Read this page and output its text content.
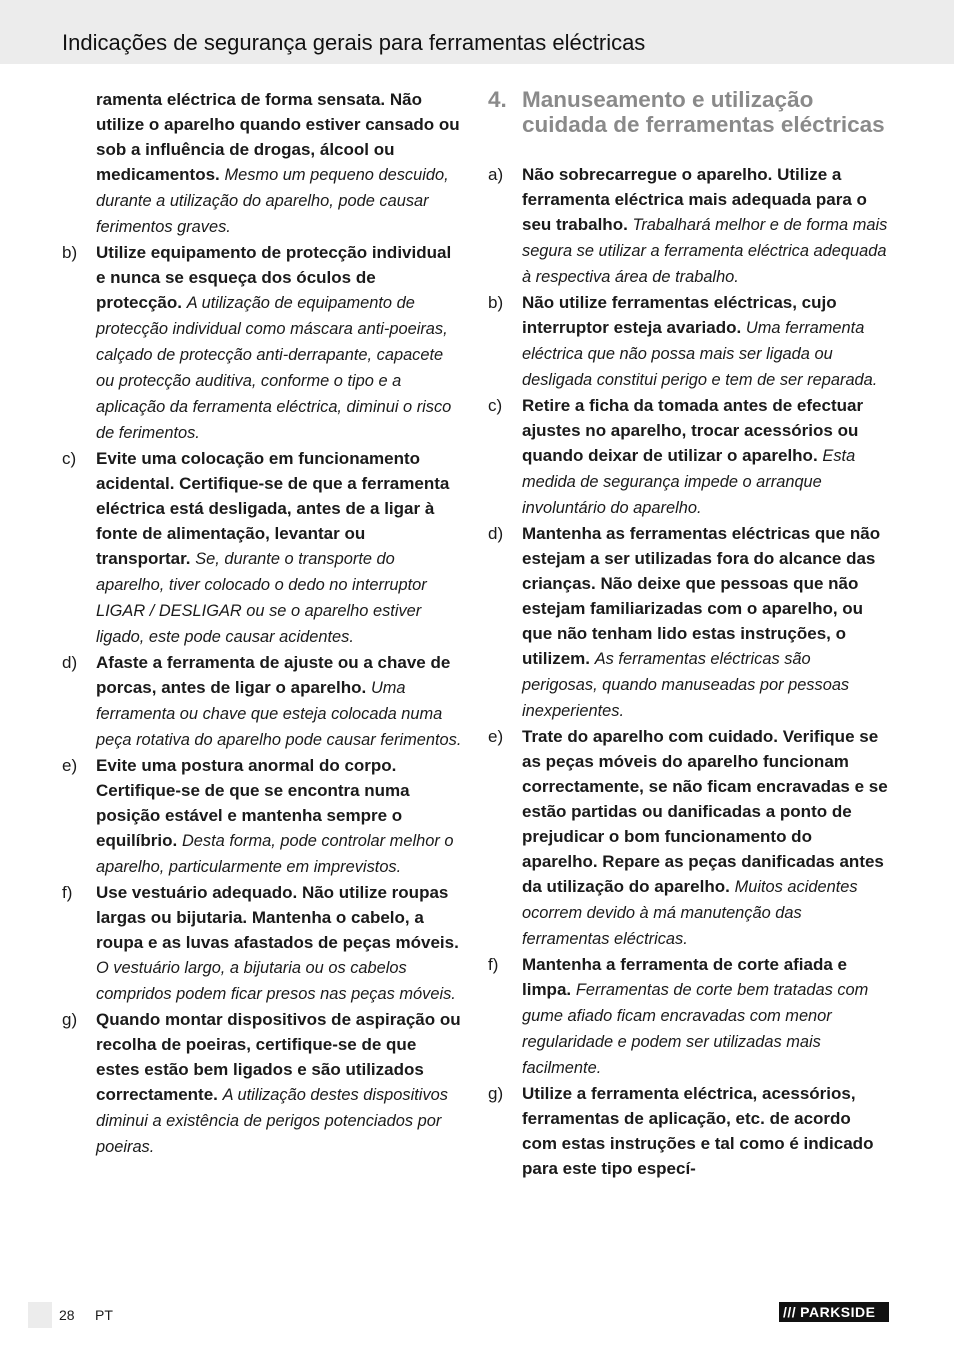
Indicações de segurança gerais para ferramentas eléctricas
ramenta eléctrica de forma sensata. Não utilize o aparelho quando estiver cansado ou sob a influência de drogas, álcool ou medicamentos. Mesmo um pequeno descuido, durante a utilização do aparelho, pode causar ferimentos graves.
b) Utilize equipamento de protecção individual e nunca se esqueça dos óculos de protecção. A utilização de equipamento de protecção individual como máscara anti-poeiras, calçado de protecção anti-derrapante, capacete ou protecção auditiva, conforme o tipo e a aplicação da ferramenta eléctrica, diminui o risco de ferimentos.
c) Evite uma colocação em funcionamento acidental. Certifique-se de que a ferramenta eléctrica está desligada, antes de a ligar à fonte de alimentação, levantar ou transportar. Se, durante o transporte do aparelho, tiver colocado o dedo no interruptor LIGAR / DESLIGAR ou se o aparelho estiver ligado, este pode causar acidentes.
d) Afaste a ferramenta de ajuste ou a chave de porcas, antes de ligar o aparelho. Uma ferramenta ou chave que esteja colocada numa peça rotativa do aparelho pode causar ferimentos.
e) Evite uma postura anormal do corpo. Certifique-se de que se encontra numa posição estável e mantenha sempre o equilíbrio. Desta forma, pode controlar melhor o aparelho, particularmente em imprevistos.
f) Use vestuário adequado. Não utilize roupas largas ou bijutaria. Mantenha o cabelo, a roupa e as luvas afastados de peças móveis. O vestuário largo, a bijutaria ou os cabelos compridos podem ficar presos nas peças móveis.
g) Quando montar dispositivos de aspiração ou recolha de poeiras, certifique-se de que estes estão bem ligados e são utilizados correctamente. A utilização destes dispositivos diminui a existência de perigos potenciados por poeiras.
4. Manuseamento e utilização cuidada de ferramentas eléctricas
a) Não sobrecarregue o aparelho. Utilize a ferramenta eléctrica mais adequada para o seu trabalho. Trabalhará melhor e de forma mais segura se utilizar a ferramenta eléctrica adequada à respectiva área de trabalho.
b) Não utilize ferramentas eléctricas, cujo interruptor esteja avariado. Uma ferramenta eléctrica que não possa mais ser ligada ou desligada constitui perigo e tem de ser reparada.
c) Retire a ficha da tomada antes de efectuar ajustes no aparelho, trocar acessórios ou quando deixar de utilizar o aparelho. Esta medida de segurança impede o arranque involuntário do aparelho.
d) Mantenha as ferramentas eléctricas que não estejam a ser utilizadas fora do alcance das crianças. Não deixe que pessoas que não estejam familiarizadas com o aparelho, ou que não tenham lido estas instruções, o utilizem. As ferramentas eléctricas são perigosas, quando manuseadas por pessoas inexperientes.
e) Trate do aparelho com cuidado. Verifique se as peças móveis do aparelho funcionam correctamente, se não ficam encravadas e se estão partidas ou danificadas a ponto de prejudicar o bom funcionamento do aparelho. Repare as peças danificadas antes da utilização do aparelho. Muitos acidentes ocorrem devido à má manutenção das ferramentas eléctricas.
f) Mantenha a ferramenta de corte afiada e limpa. Ferramentas de corte bem tratadas com gume afiado ficam encravadas com menor regularidade e podem ser utilizadas mais facilmente.
g) Utilize a ferramenta eléctrica, acessórios, ferramentas de aplicação, etc. de acordo com estas instruções e tal como é indicado para este tipo especí-
28 PT	/// PARKSIDE
